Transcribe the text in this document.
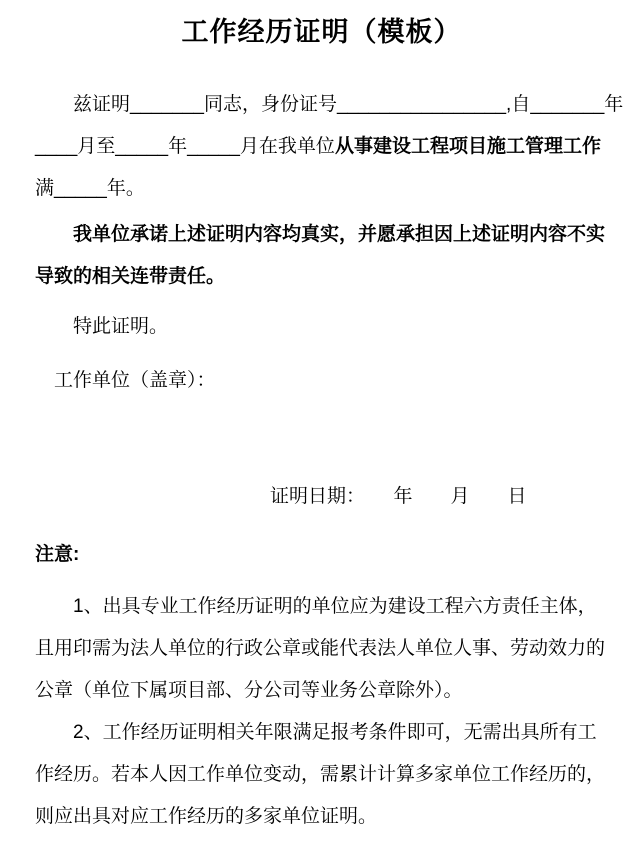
工作经历证明（模板）
　　兹证明_______同志，身份证号________________,自_______年
____月至_____年_____月在我单位从事建设工程项目施工管理工作
满_____年。
　　我单位承诺上述证明内容均真实，并愿承担因上述证明内容不实
导致的相关连带责任。
　　特此证明。
　工作单位（盖章）：
证明日期：　　年　　月　　日
注意:
　　1、出具专业工作经历证明的单位应为建设工程六方责任主体，
且用印需为法人单位的行政公章或能代表法人单位人事、劳动效力的
公章（单位下属项目部、分公司等业务公章除外）。
　　2、工作经历证明相关年限满足报考条件即可，无需出具所有工
作经历。若本人因工作单位变动，需累计计算多家单位工作经历的，
则应出具对应工作经历的多家单位证明。
